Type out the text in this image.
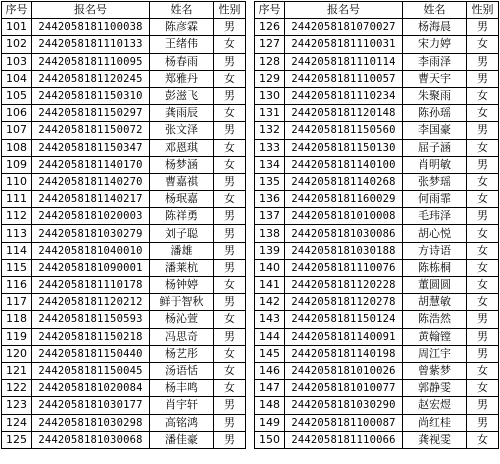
序号	报名号	姓名	性别
101	2442058181100038	陈彦霖	男
102	2442058181110133	王绪伟	女
103	2442058181110095	杨春雨	男
104	2442058181120245	郑雅丹	女
105	2442058181150310	彭滋飞	男
106	2442058181150297	龚雨辰	女
107	2442058181150072	张文泽	男
108	2442058181150347	邓恩琪	女
109	2442058181140170	杨梦涵	女
110	2442058181140270	曹嘉祺	男
111	2442058181140217	杨珉嘉	女
112	2442058181020003	陈祥勇	男
113	2442058181030279	刘子聪	男
114	2442058181040010	潘雄	男
115	2442058181090001	潘莱杭	男
116	2442058181110178	杨钟婷	女
117	2442058181120212	鲜于智秋	男
118	2442058181150593	杨沁萱	女
119	2442058181150218	冯思奇	男
120	2442058181150440	杨艺彤	女
121	2442058181150045	汤语恬	女
122	2442058181020084	杨丰鸣	女
123	2442058181030177	肖宇轩	男
124	2442058181030298	高铭鸿	男
125	2442058181030068	潘佳豪	男
序号	报名号	姓名	性别
126	2442058181070027	杨海晨	男
127	2442058181110031	宋力婷	女
128	2442058181110114	李雨泽	男
129	2442058181110057	曹天宇	男
130	2442058181110234	朱聚雨	女
131	2442058181120148	陈孙瑶	女
132	2442058181150560	李国豪	男
133	2442058181150130	屈子涵	女
134	2442058181140100	肖明敏	男
135	2442058181140268	张梦瑶	女
136	2442058181160029	何雨霏	女
137	2442058181010008	毛玮泽	男
138	2442058181030086	胡心悦	女
139	2442058181030188	方诗语	女
140	2442058181110076	陈栋桐	女
141	2442058181120228	董圆圆	女
142	2442058181120278	胡慧敏	女
143	2442058181150124	陈浩然	男
144	2442058181140091	黄翰镗	男
145	2442058181140198	周江宇	男
146	2442058181010026	曾紫梦	女
147	2442058181010077	郭静雯	女
148	2442058181030290	赵宏煜	男
149	2442058181100087	尚红桂	男
150	2442058181110066	龚视雯	女
